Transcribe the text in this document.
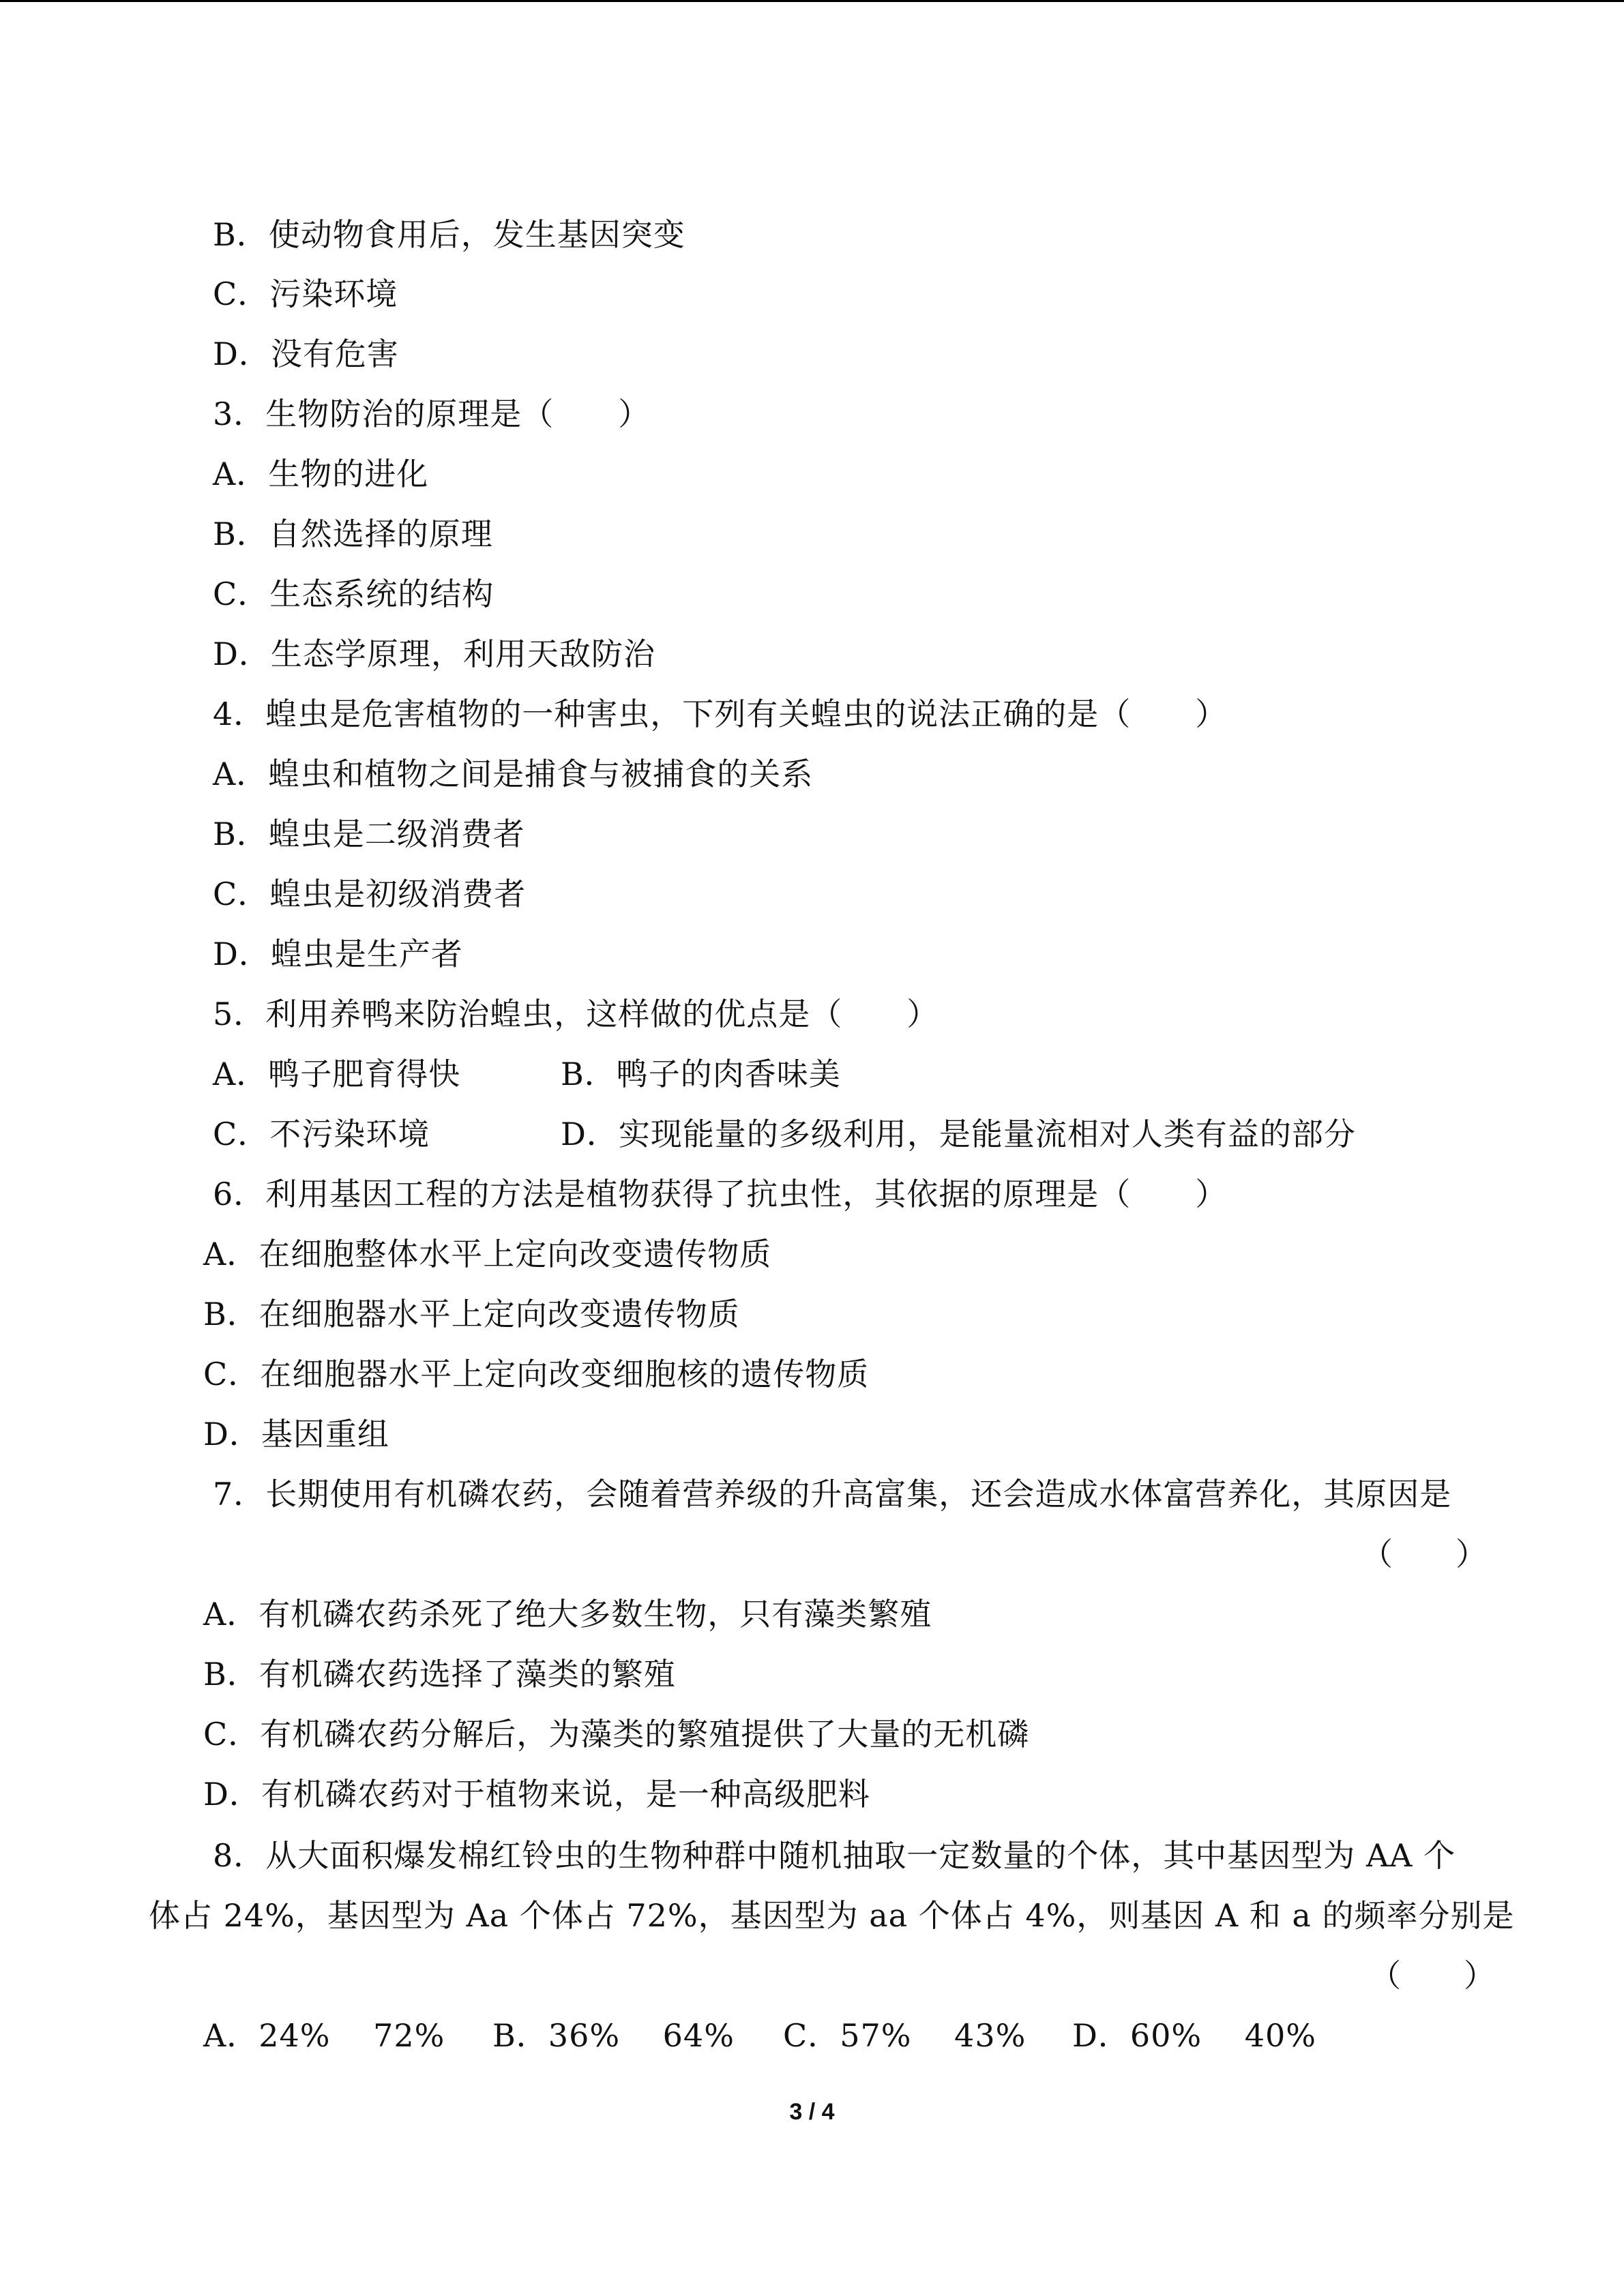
B．使动物食用后，发生基因突变
C．污染环境
D．没有危害
3．生物防治的原理是（　　）
A．生物的进化
B．自然选择的原理
C．生态系统的结构
D．生态学原理，利用天敌防治
4．蝗虫是危害植物的一种害虫，下列有关蝗虫的说法正确的是（　　）
A．蝗虫和植物之间是捕食与被捕食的关系
B．蝗虫是二级消费者
C．蝗虫是初级消费者
D．蝗虫是生产者
5．利用养鸭来防治蝗虫，这样做的优点是（　　）
A．鸭子肥育得快	B．鸭子的肉香味美
C．不污染环境	D．实现能量的多级利用，是能量流相对人类有益的部分
6．利用基因工程的方法是植物获得了抗虫性，其依据的原理是（　　）
A．在细胞整体水平上定向改变遗传物质
B．在细胞器水平上定向改变遗传物质
C．在细胞器水平上定向改变细胞核的遗传物质
D．基因重组
7．长期使用有机磷农药，会随着营养级的升高富集，还会造成水体富营养化，其原因是
（　　）
A．有机磷农药杀死了绝大多数生物，只有藻类繁殖
B．有机磷农药选择了藻类的繁殖
C．有机磷农药分解后，为藻类的繁殖提供了大量的无机磷
D．有机磷农药对于植物来说，是一种高级肥料
8．从大面积爆发棉红铃虫的生物种群中随机抽取一定数量的个体，其中基因型为 AA 个
体占 24%，基因型为 Aa 个体占 72%，基因型为 aa 个体占 4%，则基因 A 和 a 的频率分别是
（　　）
A．24%　 72% B．36%　 64% C．57%　 43% D．60%　 40%
3 / 4
